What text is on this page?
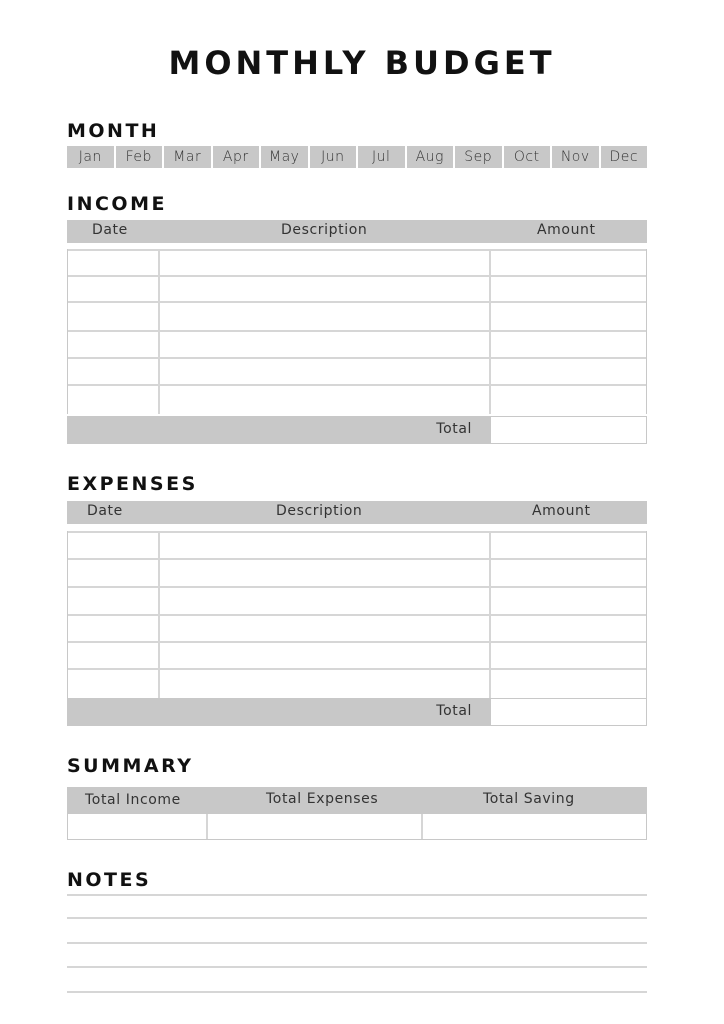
MONTHLY BUDGET
MONTH
Jan	Feb	Mar	Apr	May	Jun	Jul	Aug	Sep	Oct	Nov	Dec
INCOME
Date	Description	Amount
Total
EXPENSES
Date	Description	Amount
Total
SUMMARY
Total Income	Total Expenses	Total Saving
NOTES
